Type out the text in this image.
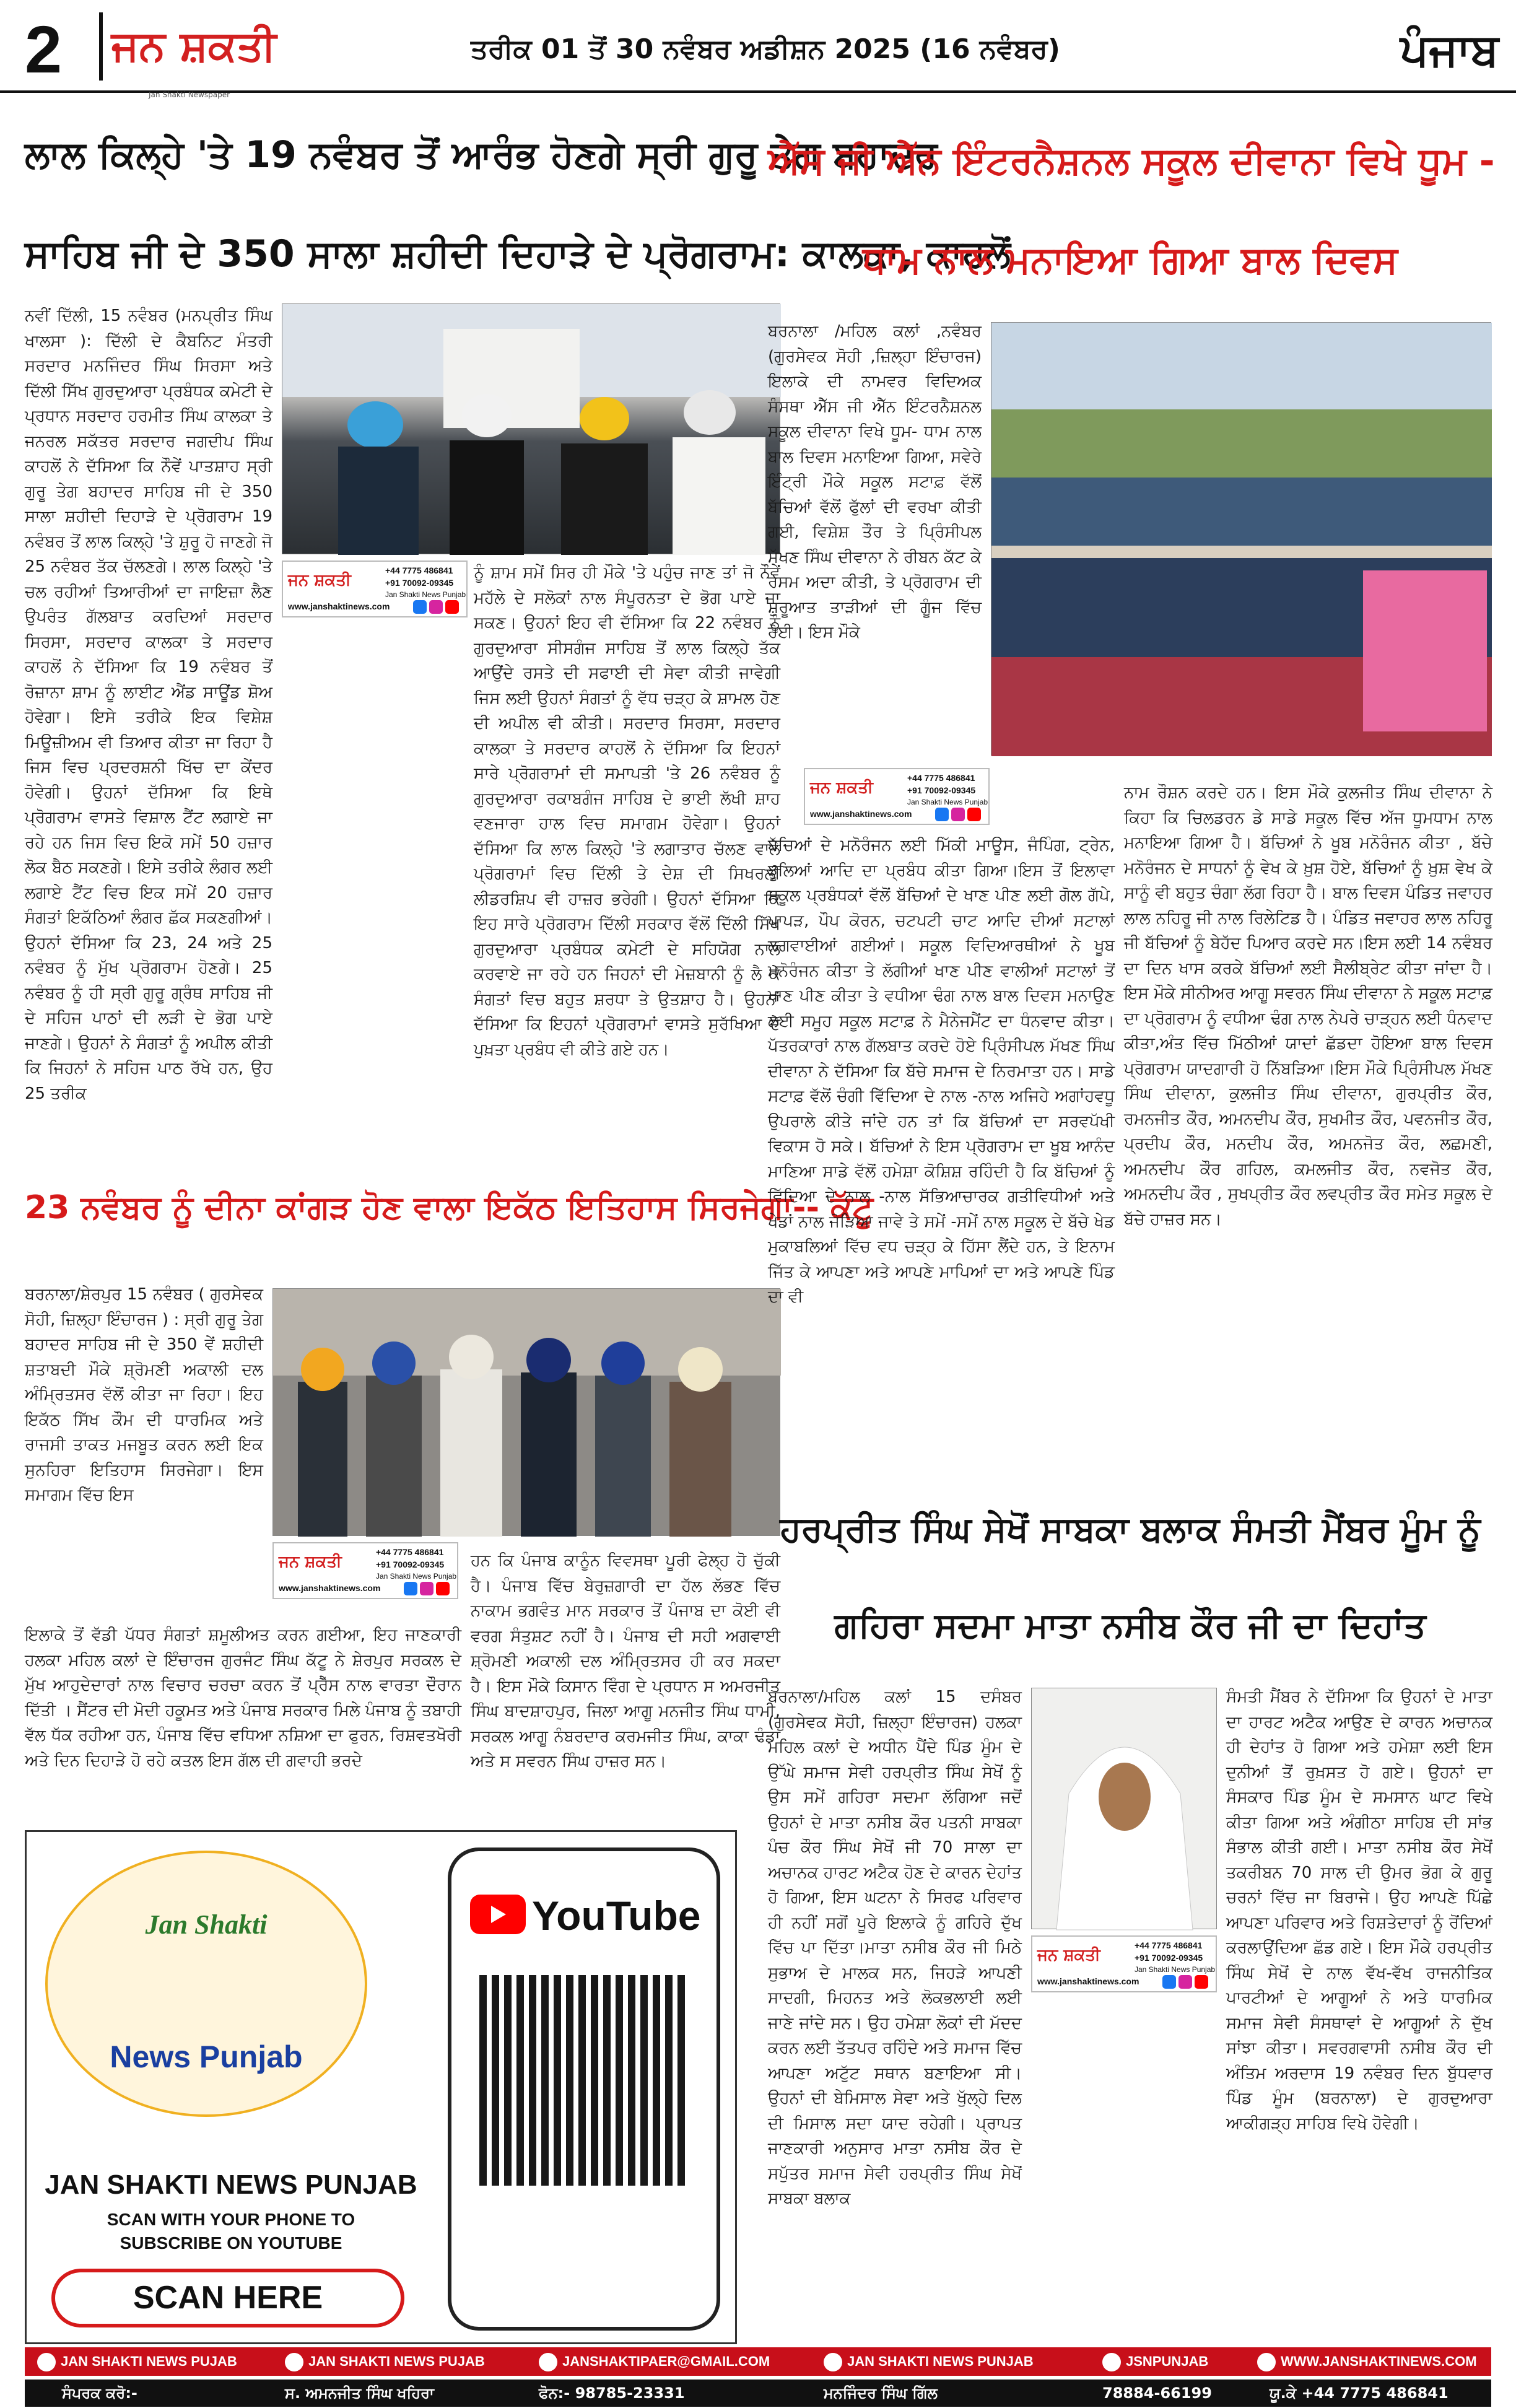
2	ਜਨ ਸ਼ਕਤੀ
Jan Shakti Newspaper
ਤਰੀਕ 01 ਤੋਂ 30 ਨਵੰਬਰ ਅਡੀਸ਼ਨ 2025 (16 ਨਵੰਬਰ)	ਪੰਜਾਬ
ਲਾਲ ਕਿਲ੍ਹੇ 'ਤੇ 19 ਨਵੰਬਰ ਤੋਂ ਆਰੰਭ ਹੋਣਗੇ ਸ੍ਰੀ ਗੁਰੂ ਤੇਗ ਬਹਾਦਰ
ਸਾਹਿਬ ਜੀ ਦੇ 350 ਸਾਲਾ ਸ਼ਹੀਦੀ ਦਿਹਾੜੇ ਦੇ ਪ੍ਰੋਗਰਾਮ: ਕਾਲਕਾ, ਕਾਹਲੋਂ
ਜਨ ਸ਼ਕਤੀ
+44 7775 486841
+91 70092-09345
Jan Shakti News Punjab
www.janshaktinews.com
ਨਵੀਂ ਦਿੱਲੀ, 15 ਨਵੰਬਰ (ਮਨਪ੍ਰੀਤ ਸਿੰਘ ਖਾਲਸਾ ): ਦਿੱਲੀ ਦੇ ਕੈਬਨਿਟ ਮੰਤਰੀ ਸਰਦਾਰ ਮਨਜਿੰਦਰ ਸਿੰਘ ਸਿਰਸਾ ਅਤੇ ਦਿੱਲੀ ਸਿੱਖ ਗੁਰਦੁਆਰਾ ਪ੍ਰਬੰਧਕ ਕਮੇਟੀ ਦੇ ਪ੍ਰਧਾਨ ਸਰਦਾਰ ਹਰਮੀਤ ਸਿੰਘ ਕਾਲਕਾ ਤੇ ਜਨਰਲ ਸਕੱਤਰ ਸਰਦਾਰ ਜਗਦੀਪ ਸਿੰਘ ਕਾਹਲੋਂ ਨੇ ਦੱਸਿਆ ਕਿ ਨੌਵੇਂ ਪਾਤਸ਼ਾਹ ਸ੍ਰੀ ਗੁਰੂ ਤੇਗ ਬਹਾਦਰ ਸਾਹਿਬ ਜੀ ਦੇ 350 ਸਾਲਾ ਸ਼ਹੀਦੀ ਦਿਹਾੜੇ ਦੇ ਪ੍ਰੋਗਰਾਮ 19 ਨਵੰਬਰ ਤੋਂ ਲਾਲ ਕਿਲ੍ਹੇ 'ਤੇ ਸ਼ੁਰੂ ਹੋ ਜਾਣਗੇ ਜੋ 25 ਨਵੰਬਰ ਤੱਕ ਚੱਲਣਗੇ। ਲਾਲ ਕਿਲ੍ਹੇ 'ਤੇ ਚਲ ਰਹੀਆਂ ਤਿਆਰੀਆਂ ਦਾ ਜਾਇਜ਼ਾ ਲੈਣ ਉਪਰੰਤ ਗੱਲਬਾਤ ਕਰਦਿਆਂ ਸਰਦਾਰ ਸਿਰਸਾ, ਸਰਦਾਰ ਕਾਲਕਾ ਤੇ ਸਰਦਾਰ ਕਾਹਲੋਂ ਨੇ ਦੱਸਿਆ ਕਿ 19 ਨਵੰਬਰ ਤੋਂ ਰੋਜ਼ਾਨਾ ਸ਼ਾਮ ਨੂੰ ਲਾਈਟ ਐਂਡ ਸਾਊਂਡ ਸ਼ੋਅ ਹੋਵੇਗਾ। ਇਸੇ ਤਰੀਕੇ ਇਕ ਵਿਸ਼ੇਸ਼ ਮਿਊਜ਼ੀਅਮ ਵੀ ਤਿਆਰ ਕੀਤਾ ਜਾ ਰਿਹਾ ਹੈ ਜਿਸ ਵਿਚ ਪ੍ਰਦਰਸ਼ਨੀ ਖਿੱਚ ਦਾ ਕੇਂਦਰ ਹੋਵੇਗੀ। ਉਹਨਾਂ ਦੱਸਿਆ ਕਿ ਇਥੇ ਪ੍ਰੋਗਰਾਮ ਵਾਸਤੇ ਵਿਸ਼ਾਲ ਟੈਂਟ ਲਗਾਏ ਜਾ ਰਹੇ ਹਨ ਜਿਸ ਵਿਚ ਇਕੋ ਸਮੇਂ 50 ਹਜ਼ਾਰ ਲੋਕ ਬੈਠ ਸਕਣਗੇ। ਇਸੇ ਤਰੀਕੇ ਲੰਗਰ ਲਈ ਲਗਾਏ ਟੈਂਟ ਵਿਚ ਇਕ ਸਮੇਂ 20 ਹਜ਼ਾਰ ਸੰਗਤਾਂ ਇਕੱਠਿਆਂ ਲੰਗਰ ਛੱਕ ਸਕਣਗੀਆਂ। ਉਹਨਾਂ ਦੱਸਿਆ ਕਿ 23, 24 ਅਤੇ 25 ਨਵੰਬਰ ਨੂੰ ਮੁੱਖ ਪ੍ਰੋਗਰਾਮ ਹੋਣਗੇ। 25 ਨਵੰਬਰ ਨੂੰ ਹੀ ਸ੍ਰੀ ਗੁਰੂ ਗ੍ਰੰਥ ਸਾਹਿਬ ਜੀ ਦੇ ਸਹਿਜ ਪਾਠਾਂ ਦੀ ਲੜੀ ਦੇ ਭੋਗ ਪਾਏ ਜਾਣਗੇ। ਉਹਨਾਂ ਨੇ ਸੰਗਤਾਂ ਨੂੰ ਅਪੀਲ ਕੀਤੀ ਕਿ ਜਿਹਨਾਂ ਨੇ ਸਹਿਜ ਪਾਠ ਰੱਖੇ ਹਨ, ਉਹ 25 ਤਰੀਕ
ਨੂੰ ਸ਼ਾਮ ਸਮੇਂ ਸਿਰ ਹੀ ਮੌਕੇ 'ਤੇ ਪਹੁੰਚ ਜਾਣ ਤਾਂ ਜੋ ਨੌਵੇਂ ਮਹੱਲੇ ਦੇ ਸਲੋਕਾਂ ਨਾਲ ਸੰਪੂਰਨਤਾ ਦੇ ਭੋਗ ਪਾਏ ਜਾ ਸਕਣ। ਉਹਨਾਂ ਇਹ ਵੀ ਦੱਸਿਆ ਕਿ 22 ਨਵੰਬਰ ਨੂੰ ਗੁਰਦੁਆਰਾ ਸੀਸਗੰਜ ਸਾਹਿਬ ਤੋਂ ਲਾਲ ਕਿਲ੍ਹੇ ਤੱਕ ਆਉਂਦੇ ਰਸਤੇ ਦੀ ਸਫਾਈ ਦੀ ਸੇਵਾ ਕੀਤੀ ਜਾਵੇਗੀ ਜਿਸ ਲਈ ਉਹਨਾਂ ਸੰਗਤਾਂ ਨੂੰ ਵੱਧ ਚੜ੍ਹ ਕੇ ਸ਼ਾਮਲ ਹੋਣ ਦੀ ਅਪੀਲ ਵੀ ਕੀਤੀ। ਸਰਦਾਰ ਸਿਰਸਾ, ਸਰਦਾਰ ਕਾਲਕਾ ਤੇ ਸਰਦਾਰ ਕਾਹਲੋਂ ਨੇ ਦੱਸਿਆ ਕਿ ਇਹਨਾਂ ਸਾਰੇ ਪ੍ਰੋਗਰਾਮਾਂ ਦੀ ਸਮਾਪਤੀ 'ਤੇ 26 ਨਵੰਬਰ ਨੂੰ ਗੁਰਦੁਆਰਾ ਰਕਾਬਗੰਜ ਸਾਹਿਬ ਦੇ ਭਾਈ ਲੱਖੀ ਸ਼ਾਹ ਵਣਜਾਰਾ ਹਾਲ ਵਿਚ ਸਮਾਗਮ ਹੋਵੇਗਾ। ਉਹਨਾਂ ਦੱਸਿਆ ਕਿ ਲਾਲ ਕਿਲ੍ਹੇ 'ਤੇ ਲਗਾਤਾਰ ਚੱਲਣ ਵਾਲੇ ਪ੍ਰੋਗਰਾਮਾਂ ਵਿਚ ਦਿੱਲੀ ਤੇ ਦੇਸ਼ ਦੀ ਸਿਖਰਲੀ ਲੀਡਰਸ਼ਿਪ ਵੀ ਹਾਜ਼ਰ ਭਰੇਗੀ। ਉਹਨਾਂ ਦੱਸਿਆ ਕਿ ਇਹ ਸਾਰੇ ਪ੍ਰੋਗਰਾਮ ਦਿੱਲੀ ਸਰਕਾਰ ਵੱਲੋਂ ਦਿੱਲੀ ਸਿੱਖ ਗੁਰਦੁਆਰਾ ਪ੍ਰਬੰਧਕ ਕਮੇਟੀ ਦੇ ਸਹਿਯੋਗ ਨਾਲ ਕਰਵਾਏ ਜਾ ਰਹੇ ਹਨ ਜਿਹਨਾਂ ਦੀ ਮੇਜ਼ਬਾਨੀ ਨੂੰ ਲੈ ਕੇ ਸੰਗਤਾਂ ਵਿਚ ਬਹੁਤ ਸ਼ਰਧਾ ਤੇ ਉਤਸ਼ਾਹ ਹੈ। ਉਹਨਾਂ ਦੱਸਿਆ ਕਿ ਇਹਨਾਂ ਪ੍ਰੋਗਰਾਮਾਂ ਵਾਸਤੇ ਸੁਰੱਖਿਆ ਦੇ ਪੁਖ਼ਤਾ ਪ੍ਰਬੰਧ ਵੀ ਕੀਤੇ ਗਏ ਹਨ।
23 ਨਵੰਬਰ ਨੂੰ ਦੀਨਾ ਕਾਂਗੜ ਹੋਣ ਵਾਲਾ ਇਕੱਠ ਇਤਿਹਾਸ ਸਿਰਜੇਗਾ-- ਕੱਟੂ
ਜਨ ਸ਼ਕਤੀ
+44 7775 486841
+91 70092-09345
Jan Shakti News Punjab
www.janshaktinews.com
ਬਰਨਾਲਾ/ਸ਼ੇਰਪੁਰ 15 ਨਵੰਬਰ ( ਗੁਰਸੇਵਕ ਸੋਹੀ, ਜ਼ਿਲ੍ਹਾ ਇੰਚਾਰਜ ) : ਸ੍ਰੀ ਗੁਰੂ ਤੇਗ ਬਹਾਦਰ ਸਾਹਿਬ ਜੀ ਦੇ 350 ਵੇਂ ਸ਼ਹੀਦੀ ਸ਼ਤਾਬਦੀ ਮੌਕੇ ਸ਼੍ਰੋਮਣੀ ਅਕਾਲੀ ਦਲ ਅੰਮ੍ਰਿਤਸਰ ਵੱਲੋਂ ਕੀਤਾ ਜਾ ਰਿਹਾ। ਇਹ ਇਕੱਠ ਸਿੱਖ ਕੌਮ ਦੀ ਧਾਰਮਿਕ ਅਤੇ ਰਾਜਸੀ ਤਾਕਤ ਮਜਬੂਤ ਕਰਨ ਲਈ ਇਕ ਸੁਨਹਿਰਾ ਇਤਿਹਾਸ ਸਿਰਜੇਗਾ। ਇਸ ਸਮਾਗਮ ਵਿੱਚ ਇਸ
ਇਲਾਕੇ ਤੋਂ ਵੱਡੀ ਪੱਧਰ ਸੰਗਤਾਂ ਸ਼ਮੂਲੀਅਤ ਕਰਨ ਗਈਆ, ਇਹ ਜਾਣਕਾਰੀ ਹਲਕਾ ਮਹਿਲ ਕਲਾਂ ਦੇ ਇੰਚਾਰਜ ਗੁਰਜੰਟ ਸਿੰਘ ਕੱਟੂ ਨੇ ਸ਼ੇਰਪੁਰ ਸਰਕਲ ਦੇ ਮੁੱਖ ਆਹੁਦੇਦਾਰਾਂ ਨਾਲ ਵਿਚਾਰ ਚਰਚਾ ਕਰਨ ਤੋਂ ਪ੍ਰੈੱਸ ਨਾਲ ਵਾਰਤਾ ਦੌਰਾਨ ਦਿੱਤੀ । ਸੈਂਟਰ ਦੀ ਮੋਦੀ ਹਕੂਮਤ ਅਤੇ ਪੰਜਾਬ ਸਰਕਾਰ ਮਿਲੇ ਪੰਜਾਬ ਨੂੰ ਤਬਾਹੀ ਵੱਲ ਧੱਕ ਰਹੀਆ ਹਨ, ਪੰਜਾਬ ਵਿੱਚ ਵਧਿਆ ਨਸ਼ਿਆ ਦਾ ਫੁਰਨ, ਰਿਸ਼ਵਤਖੋਰੀ ਅਤੇ ਦਿਨ ਦਿਹਾੜੇ ਹੋ ਰਹੇ ਕਤਲ ਇਸ ਗੱਲ ਦੀ ਗਵਾਹੀ ਭਰਦੇ
ਹਨ ਕਿ ਪੰਜਾਬ ਕਾਨੂੰਨ ਵਿਵਸਥਾ ਪੂਰੀ ਫੇਲ੍ਹ ਹੋ ਚੁੱਕੀ ਹੈ। ਪੰਜਾਬ ਵਿੱਚ ਬੇਰੁਜ਼ਗਾਰੀ ਦਾ ਹੱਲ ਲੱਭਣ ਵਿੱਚ ਨਾਕਾਮ ਭਗਵੰਤ ਮਾਨ ਸਰਕਾਰ ਤੋਂ ਪੰਜਾਬ ਦਾ ਕੋਈ ਵੀ ਵਰਗ ਸੰਤੁਸ਼ਟ ਨਹੀਂ ਹੈ। ਪੰਜਾਬ ਦੀ ਸਹੀ ਅਗਵਾਈ ਸ਼੍ਰੋਮਣੀ ਅਕਾਲੀ ਦਲ ਅੰਮ੍ਰਿਤਸਰ ਹੀ ਕਰ ਸਕਦਾ ਹੈ। ਇਸ ਮੌਕੇ ਕਿਸਾਨ ਵਿੰਗ ਦੇ ਪ੍ਰਧਾਨ ਸ ਅਮਰਜੀਤ ਸਿੰਘ ਬਾਦਸ਼ਾਹਪੁਰ, ਜਿਲਾ ਆਗੂ ਮਨਜੀਤ ਸਿੰਘ ਧਾਮੀ, ਸਰਕਲ ਆਗੂ ਨੰਬਰਦਾਰ ਕਰਮਜੀਤ ਸਿੰਘ, ਕਾਕਾ ਢੰਡਾ ਅਤੇ ਸ ਸਵਰਨ ਸਿੰਘ ਹਾਜ਼ਰ ਸਨ।
ਐੱਸ ਜੀ ਐੱਨ ਇੰਟਰਨੈਸ਼ਨਲ ਸਕੂਲ ਦੀਵਾਨਾ ਵਿਖੇ ਧੂਮ -
ਧਾਮ ਨਾਲ ਮਨਾਇਆ ਗਿਆ ਬਾਲ ਦਿਵਸ
ਜਨ ਸ਼ਕਤੀ
+44 7775 486841
+91 70092-09345
Jan Shakti News Punjab
www.janshaktinews.com
ਬਰਨਾਲਾ /ਮਹਿਲ ਕਲਾਂ ,ਨਵੰਬਰ (ਗੁਰਸੇਵਕ ਸੋਹੀ ,ਜ਼ਿਲ੍ਹਾ ਇੰਚਾਰਜ) ਇਲਾਕੇ ਦੀ ਨਾਮਵਰ ਵਿਦਿਅਕ ਸੰਸਥਾ ਐੱਸ ਜੀ ਐੱਨ ਇੰਟਰਨੈਸ਼ਨਲ ਸਕੂਲ ਦੀਵਾਨਾ ਵਿਖੇ ਧੂਮ- ਧਾਮ ਨਾਲ ਬਾਲ ਦਿਵਸ ਮਨਾਇਆ ਗਿਆ, ਸਵੇਰੇ ਇੰਟ੍ਰੀ ਮੌਕੇ ਸਕੂਲ ਸਟਾਫ਼ ਵੱਲੋਂ ਬੱਚਿਆਂ ਵੱਲੋਂ ਫੁੱਲਾਂ ਦੀ ਵਰਖਾ ਕੀਤੀ ਗਈ, ਵਿਸ਼ੇਸ਼ ਤੌਰ ਤੇ ਪ੍ਰਿੰਸੀਪਲ ਮੱਖਣ ਸਿੰਘ ਦੀਵਾਨਾ ਨੇ ਰੀਬਨ ਕੱਟ ਕੇ ਰਸਮ ਅਦਾ ਕੀਤੀ, ਤੇ ਪ੍ਰੋਗਰਾਮ ਦੀ ਸ਼ੁਰੂਆਤ ਤਾੜੀਆਂ ਦੀ ਗੂੰਜ ਵਿੱਚ ਹੋਈ। ਇਸ ਮੌਕੇ
ਬੱਚਿਆਂ ਦੇ ਮਨੋਰੰਜਨ ਲਈ ਮਿੱਕੀ ਮਾਊਸ, ਜੰਪਿੰਗ, ਟ੍ਰੇਨ, ਝੂਲਿਆਂ ਆਦਿ ਦਾ ਪ੍ਰਬੰਧ ਕੀਤਾ ਗਿਆ।ਇਸ ਤੋਂ ਇਲਾਵਾ ਸਕੂਲ ਪ੍ਰਬੰਧਕਾਂ ਵੱਲੋਂ ਬੱਚਿਆਂ ਦੇ ਖਾਣ ਪੀਣ ਲਈ ਗੋਲ ਗੱਪੇ, ਪਾਪੜ, ਪੌਪ ਕੋਰਨ, ਚਟਪਟੀ ਚਾਟ ਆਦਿ ਦੀਆਂ ਸਟਾਲਾਂ ਲਗਵਾਈਆਂ ਗਈਆਂ। ਸਕੂਲ ਵਿਦਿਆਰਥੀਆਂ ਨੇ ਖੂਬ ਮਨੋਰੰਜਨ ਕੀਤਾ ਤੇ ਲੱਗੀਆਂ ਖਾਣ ਪੀਣ ਵਾਲੀਆਂ ਸਟਾਲਾਂ ਤੋਂ ਖਾਣ ਪੀਣ ਕੀਤਾ ਤੇ ਵਧੀਆ ਢੰਗ ਨਾਲ ਬਾਲ ਦਿਵਸ ਮਨਾਉਣ ਲਈ ਸਮੂਹ ਸਕੂਲ ਸਟਾਫ਼ ਨੇ ਮੈਨੇਜਮੈਂਟ ਦਾ ਧੰਨਵਾਦ ਕੀਤਾ। ਪੱਤਰਕਾਰਾਂ ਨਾਲ ਗੱਲਬਾਤ ਕਰਦੇ ਹੋਏ ਪ੍ਰਿੰਸੀਪਲ ਮੱਖਣ ਸਿੰਘ ਦੀਵਾਨਾ ਨੇ ਦੱਸਿਆ ਕਿ ਬੱਚੇ ਸਮਾਜ ਦੇ ਨਿਰਮਾਤਾ ਹਨ। ਸਾਡੇ ਸਟਾਫ਼ ਵੱਲੋਂ ਚੰਗੀ ਵਿੱਦਿਆ ਦੇ ਨਾਲ -ਨਾਲ ਅਜਿਹੇ ਅਗਾਂਹਵਧੂ ਉਪਰਾਲੇ ਕੀਤੇ ਜਾਂਦੇ ਹਨ ਤਾਂ ਕਿ ਬੱਚਿਆਂ ਦਾ ਸਰਵਪੱਖੀ ਵਿਕਾਸ ਹੋ ਸਕੇ। ਬੱਚਿਆਂ ਨੇ ਇਸ ਪ੍ਰੋਗਰਾਮ ਦਾ ਖੂਬ ਆਨੰਦ ਮਾਣਿਆ ਸਾਡੇ ਵੱਲੋਂ ਹਮੇਸ਼ਾ ਕੋਸ਼ਿਸ਼ ਰਹਿੰਦੀ ਹੈ ਕਿ ਬੱਚਿਆਂ ਨੂੰ ਵਿੱਦਿਆ ਦੇ ਨਾਲ -ਨਾਲ ਸੱਭਿਆਚਾਰਕ ਗਤੀਵਿਧੀਆਂ ਅਤੇ ਖੇਡਾਂ ਨਾਲ ਜੋੜਿਆ ਜਾਵੇ ਤੇ ਸਮੇਂ -ਸਮੇਂ ਨਾਲ ਸਕੂਲ ਦੇ ਬੱਚੇ ਖੇਡ ਮੁਕਾਬਲਿਆਂ ਵਿੱਚ ਵਧ ਚੜ੍ਹ ਕੇ ਹਿੱਸਾ ਲੈਂਦੇ ਹਨ, ਤੇ ਇਨਾਮ ਜਿੱਤ ਕੇ ਆਪਣਾ ਅਤੇ ਆਪਣੇ ਮਾਪਿਆਂ ਦਾ ਅਤੇ ਆਪਣੇ ਪਿੰਡ ਦਾ ਵੀ
ਨਾਮ ਰੌਸ਼ਨ ਕਰਦੇ ਹਨ। ਇਸ ਮੌਕੇ ਕੁਲਜੀਤ ਸਿੰਘ ਦੀਵਾਨਾ ਨੇ ਕਿਹਾ ਕਿ ਚਿਲਡਰਨ ਡੇ ਸਾਡੇ ਸਕੂਲ ਵਿੱਚ ਅੱਜ ਧੂਮਧਾਮ ਨਾਲ ਮਨਾਇਆ ਗਿਆ ਹੈ। ਬੱਚਿਆਂ ਨੇ ਖੂਬ ਮਨੋਰੰਜਨ ਕੀਤਾ , ਬੱਚੇ ਮਨੋਰੰਜਨ ਦੇ ਸਾਧਨਾਂ ਨੂੰ ਵੇਖ ਕੇ ਖ਼ੁਸ਼ ਹੋਏ, ਬੱਚਿਆਂ ਨੂੰ ਖ਼ੁਸ਼ ਵੇਖ ਕੇ ਸਾਨੂੰ ਵੀ ਬਹੁਤ ਚੰਗਾ ਲੱਗ ਰਿਹਾ ਹੈ। ਬਾਲ ਦਿਵਸ ਪੰਡਿਤ ਜਵਾਹਰ ਲਾਲ ਨਹਿਰੂ ਜੀ ਨਾਲ ਰਿਲੇਟਿਡ ਹੈ। ਪੰਡਿਤ ਜਵਾਹਰ ਲਾਲ ਨਹਿਰੂ ਜੀ ਬੱਚਿਆਂ ਨੂੰ ਬੇਹੱਦ ਪਿਆਰ ਕਰਦੇ ਸਨ।ਇਸ ਲਈ 14 ਨਵੰਬਰ ਦਾ ਦਿਨ ਖਾਸ ਕਰਕੇ ਬੱਚਿਆਂ ਲਈ ਸੈਲੀਬ੍ਰੇਟ ਕੀਤਾ ਜਾਂਦਾ ਹੈ।ਇਸ ਮੌਕੇ ਸੀਨੀਅਰ ਆਗੂ ਸਵਰਨ ਸਿੰਘ ਦੀਵਾਨਾ ਨੇ ਸਕੂਲ ਸਟਾਫ਼ ਦਾ ਪ੍ਰੋਗਰਾਮ ਨੂੰ ਵਧੀਆ ਢੰਗ ਨਾਲ ਨੇਪਰੇ ਚਾੜ੍ਹਨ ਲਈ ਧੰਨਵਾਦ ਕੀਤਾ,ਅੰਤ ਵਿੱਚ ਮਿੱਠੀਆਂ ਯਾਦਾਂ ਛੱਡਦਾ ਹੋਇਆ ਬਾਲ ਦਿਵਸ ਪ੍ਰੋਗਰਾਮ ਯਾਦਗਾਰੀ ਹੋ ਨਿੱਬੜਿਆ।ਇਸ ਮੌਕੇ ਪ੍ਰਿੰਸੀਪਲ ਮੱਖਣ ਸਿੰਘ ਦੀਵਾਨਾ, ਕੁਲਜੀਤ ਸਿੰਘ ਦੀਵਾਨਾ, ਗੁਰਪ੍ਰੀਤ ਕੌਰ, ਰਮਨਜੀਤ ਕੌਰ, ਅਮਨਦੀਪ ਕੌਰ, ਸੁਖਮੀਤ ਕੌਰ, ਪਵਨਜੀਤ ਕੌਰ, ਪ੍ਰਦੀਪ ਕੌਰ, ਮਨਦੀਪ ਕੌਰ, ਅਮਨਜੋਤ ਕੌਰ, ਲਛਮਣੀ, ਅਮਨਦੀਪ ਕੌਰ ਗਹਿਲ, ਕਮਲਜੀਤ ਕੌਰ, ਨਵਜੋਤ ਕੌਰ, ਅਮਨਦੀਪ ਕੌਰ , ਸੁਖਪ੍ਰੀਤ ਕੌਰ ਲਵਪ੍ਰੀਤ ਕੌਰ ਸਮੇਤ ਸਕੂਲ ਦੇ ਬੱਚੇ ਹਾਜ਼ਰ ਸਨ।
ਹਰਪ੍ਰੀਤ ਸਿੰਘ ਸੇਖੋਂ ਸਾਬਕਾ ਬਲਾਕ ਸੰਮਤੀ ਮੈਂਬਰ ਮੂੰਮ ਨੂੰ
ਗਹਿਰਾ ਸਦਮਾ ਮਾਤਾ ਨਸੀਬ ਕੌਰ ਜੀ ਦਾ ਦਿਹਾਂਤ
ਜਨ ਸ਼ਕਤੀ
+44 7775 486841
+91 70092-09345
Jan Shakti News Punjab
www.janshaktinews.com
ਬਰਨਾਲਾ/ਮਹਿਲ ਕਲਾਂ 15 ਦਸੰਬਰ (ਗੁਰਸੇਵਕ ਸੋਹੀ, ਜ਼ਿਲ੍ਹਾ ਇੰਚਾਰਜ) ਹਲਕਾ ਮਹਿਲ ਕਲਾਂ ਦੇ ਅਧੀਨ ਪੈਂਦੇ ਪਿੰਡ ਮੂੰਮ ਦੇ ਉੱਘੇ ਸਮਾਜ ਸੇਵੀ ਹਰਪ੍ਰੀਤ ਸਿੰਘ ਸੇਖੋਂ ਨੂੰ ਉਸ ਸਮੇਂ ਗਹਿਰਾ ਸਦਮਾ ਲੱਗਿਆ ਜਦੋਂ ਉਹਨਾਂ ਦੇ ਮਾਤਾ ਨਸੀਬ ਕੌਰ ਪਤਨੀ ਸਾਬਕਾ ਪੰਚ ਕੌਰ ਸਿੰਘ ਸੇਖੋਂ ਜੀ 70 ਸਾਲਾ ਦਾ ਅਚਾਨਕ ਹਾਰਟ ਅਟੈਕ ਹੋਣ ਦੇ ਕਾਰਨ ਦੇਹਾਂਤ ਹੋ ਗਿਆ, ਇਸ ਘਟਨਾ ਨੇ ਸਿਰਫ ਪਰਿਵਾਰ ਹੀ ਨਹੀਂ ਸਗੋਂ ਪੂਰੇ ਇਲਾਕੇ ਨੂੰ ਗਹਿਰੇ ਦੁੱਖ ਵਿੱਚ ਪਾ ਦਿੱਤਾ।ਮਾਤਾ ਨਸੀਬ ਕੌਰ ਜੀ ਮਿਠੇ ਸੁਭਾਅ ਦੇ ਮਾਲਕ ਸਨ, ਜਿਹੜੇ ਆਪਣੀ ਸਾਦਗੀ, ਮਿਹਨਤ ਅਤੇ ਲੋਕਭਲਾਈ ਲਈ ਜਾਣੇ ਜਾਂਦੇ ਸਨ। ਉਹ ਹਮੇਸ਼ਾ ਲੋਕਾਂ ਦੀ ਮੱਦਦ ਕਰਨ ਲਈ ਤੱਤਪਰ ਰਹਿੰਦੇ ਅਤੇ ਸਮਾਜ ਵਿੱਚ ਆਪਣਾ ਅਟੁੱਟ ਸਥਾਨ ਬਣਾਇਆ ਸੀ। ਉਹਨਾਂ ਦੀ ਬੇਮਿਸਾਲ ਸੇਵਾ ਅਤੇ ਖੁੱਲ੍ਹੇ ਦਿਲ ਦੀ ਮਿਸਾਲ ਸਦਾ ਯਾਦ ਰਹੇਗੀ। ਪ੍ਰਾਪਤ ਜਾਣਕਾਰੀ ਅਨੁਸਾਰ ਮਾਤਾ ਨਸੀਬ ਕੌਰ ਦੇ ਸਪੁੱਤਰ ਸਮਾਜ ਸੇਵੀ ਹਰਪ੍ਰੀਤ ਸਿੰਘ ਸੇਖੋਂ ਸਾਬਕਾ ਬਲਾਕ
ਸੰਮਤੀ ਮੈਂਬਰ ਨੇ ਦੱਸਿਆ ਕਿ ਉਹਨਾਂ ਦੇ ਮਾਤਾ ਦਾ ਹਾਰਟ ਅਟੈਕ ਆਉਣ ਦੇ ਕਾਰਨ ਅਚਾਨਕ ਹੀ ਦੇਹਾਂਤ ਹੋ ਗਿਆ ਅਤੇ ਹਮੇਸ਼ਾ ਲਈ ਇਸ ਦੁਨੀਆਂ ਤੋਂ ਰੁਖ਼ਸਤ ਹੋ ਗਏ। ਉਹਨਾਂ ਦਾ ਸੰਸਕਾਰ ਪਿੰਡ ਮੂੰਮ ਦੇ ਸਮਸਾਨ ਘਾਟ ਵਿਖੇ ਕੀਤਾ ਗਿਆ ਅਤੇ ਅੰਗੀਠਾ ਸਾਹਿਬ ਦੀ ਸਾਂਭ ਸੰਭਾਲ ਕੀਤੀ ਗਈ। ਮਾਤਾ ਨਸੀਬ ਕੌਰ ਸੇਖੋਂ ਤਕਰੀਬਨ 70 ਸਾਲ ਦੀ ਉਮਰ ਭੋਗ ਕੇ ਗੁਰੂ ਚਰਨਾਂ ਵਿੱਚ ਜਾ ਬਿਰਾਜੇ। ਉਹ ਆਪਣੇ ਪਿੱਛੇ ਆਪਣਾ ਪਰਿਵਾਰ ਅਤੇ ਰਿਸ਼ਤੇਦਾਰਾਂ ਨੂੰ ਰੋਂਦਿਆਂ ਕਰਲਾਉਂਦਿਆ ਛੱਡ ਗਏ। ਇਸ ਮੌਕੇ ਹਰਪ੍ਰੀਤ ਸਿੰਘ ਸੇਖੋਂ ਦੇ ਨਾਲ ਵੱਖ-ਵੱਖ ਰਾਜਨੀਤਿਕ ਪਾਰਟੀਆਂ ਦੇ ਆਗੂਆਂ ਨੇ ਅਤੇ ਧਾਰਮਿਕ ਸਮਾਜ ਸੇਵੀ ਸੰਸਥਾਵਾਂ ਦੇ ਆਗੂਆਂ ਨੇ ਦੁੱਖ ਸਾਂਝਾ ਕੀਤਾ। ਸਵਰਗਵਾਸੀ ਨਸੀਬ ਕੌਰ ਦੀ ਅੰਤਿਮ ਅਰਦਾਸ 19 ਨਵੰਬਰ ਦਿਨ ਬੁੱਧਵਾਰ ਪਿੰਡ ਮੂੰਮ (ਬਰਨਾਲਾ) ਦੇ ਗੁਰਦੁਆਰਾ ਆਕੀਗੜ੍ਹ ਸਾਹਿਬ ਵਿਖੇ ਹੋਵੇਗੀ।
Jan Shakti
News Punjab
JAN SHAKTI NEWS PUNJAB
SCAN WITH YOUR PHONE TO
SUBSCRIBE ON YOUTUBE
SCAN HERE
YouTube
JAN SHAKTI NEWS PUJAB	JAN SHAKTI NEWS PUJAB	JANSHAKTIPAER@GMAIL.COM	JAN SHAKTI NEWS PUNJAB	JSNPUNJAB	WWW.JANSHAKTINEWS.COM
ਸੰਪਰਕ ਕਰੋ:-	ਸ. ਅਮਨਜੀਤ ਸਿੰਘ ਖਹਿਰਾ	ਫੋਨ:- 98785-23331	ਮਨਜਿੰਦਰ ਸਿੰਘ ਗਿੱਲ	78884-66199	ਯੂ.ਕੇ +44 7775 486841
